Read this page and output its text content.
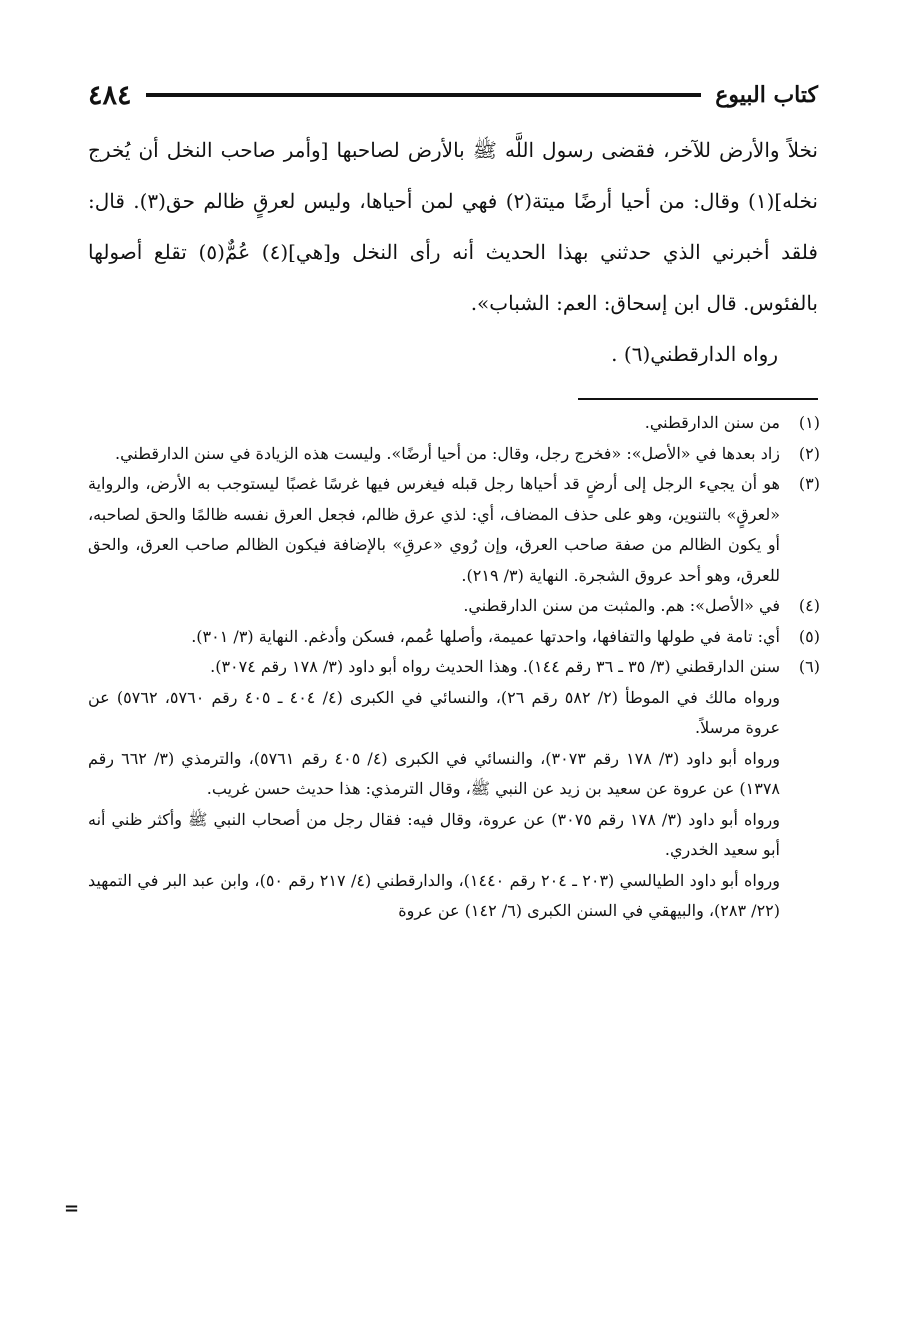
كتاب البيوع
٤٨٤

نخلاً والأرض للآخر، فقضى رسول اللَّه ﷺ بالأرض لصاحبها [وأمر صاحب النخل أن يُخرج نخله](١) وقال: من أحيا أرضًا ميتة(٢) فهي لمن أحياها، وليس لعرقٍ ظالم حق(٣). قال: فلقد أخبرني الذي حدثني بهذا الحديث أنه رأى النخل و[هي](٤) عُمٌّ(٥) تقلع أصولها بالفئوس. قال ابن إسحاق: العم: الشباب».

رواه الدارقطني(٦) .

(١)
من سنن الدارقطني.
(٢)
زاد بعدها في «الأصل»: «فخرج رجل، وقال: من أحيا أرضًا». وليست هذه الزيادة في سنن الدارقطني.
(٣)
هو أن يجيء الرجل إلى أرضٍ قد أحياها رجل قبله فيغرس فيها غرسًا غصبًا ليستوجب به الأرض، والرواية «لعرقٍ» بالتنوين، وهو على حذف المضاف، أي: لذي عرق ظالم، فجعل العرق نفسه ظالمًا والحق لصاحبه، أو يكون الظالم من صفة صاحب العرق، وإن رُوي «عرقِ» بالإضافة فيكون الظالم صاحب العرق، والحق للعرق، وهو أحد عروق الشجرة. النهاية (٣/ ٢١٩).
(٤)
في «الأصل»: هم. والمثبت من سنن الدارقطني.
(٥)
أي: تامة في طولها والتفافها، واحدتها عميمة، وأصلها عُمم، فسكن وأدغم. النهاية (٣/ ٣٠١).
(٦)
سنن الدارقطني (٣/ ٣٥ ـ ٣٦ رقم ١٤٤). وهذا الحديث رواه أبو داود (٣/ ١٧٨ رقم ٣٠٧٤).

ورواه مالك في الموطأ (٢/ ٥٨٢ رقم ٢٦)، والنسائي في الكبرى (٤/ ٤٠٤ ـ ٤٠٥ رقم ٥٧٦٠، ٥٧٦٢) عن عروة مرسلاً.

ورواه أبو داود (٣/ ١٧٨ رقم ٣٠٧٣)، والنسائي في الكبرى (٤/ ٤٠٥ رقم ٥٧٦١)، والترمذي (٣/ ٦٦٢ رقم ١٣٧٨) عن عروة عن سعيد بن زيد عن النبي ﷺ، وقال الترمذي: هذا حديث حسن غريب.

ورواه أبو داود (٣/ ١٧٨ رقم ٣٠٧٥) عن عروة، وقال فيه: فقال رجل من أصحاب النبي ﷺ وأكثر ظني أنه أبو سعيد الخدري.

ورواه أبو داود الطيالسي (٢٠٣ ـ ٢٠٤ رقم ١٤٤٠)، والدارقطني (٤/ ٢١٧ رقم ٥٠)، وابن عبد البر في التمهيد (٢٢/ ٢٨٣)، والبيهقي في السنن الكبرى (٦/ ١٤٢) عن عروة

=
